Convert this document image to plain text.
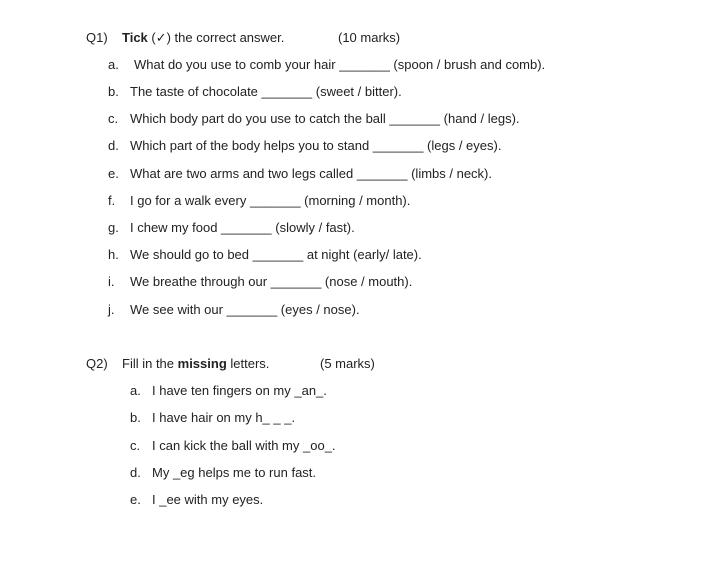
Q1) Tick (✓) the correct answer.	(10 marks)
a.	What do you use to comb your hair _______ (spoon / brush and comb).
b. The taste of chocolate _______ (sweet / bitter).
c. Which body part do you use to catch the ball _______ (hand / legs).
d. Which part of the body helps you to stand _______ (legs / eyes).
e. What are two arms and two legs called _______ (limbs / neck).
f.	I go for a walk every _______ (morning / month).
g. I chew my food _______ (slowly / fast).
h. We should go to bed _______ at night (early/ late).
i.	We breathe through our _______ (nose / mouth).
j.	We see with our _______ (eyes / nose).
Q2) Fill in the missing letters.	(5 marks)
a. I have ten fingers on my _an_.
b. I have hair on my h_ _ _.
c. I can kick the ball with my _oo_.
d. My _eg helps me to run fast.
e. I _ee with my eyes.
